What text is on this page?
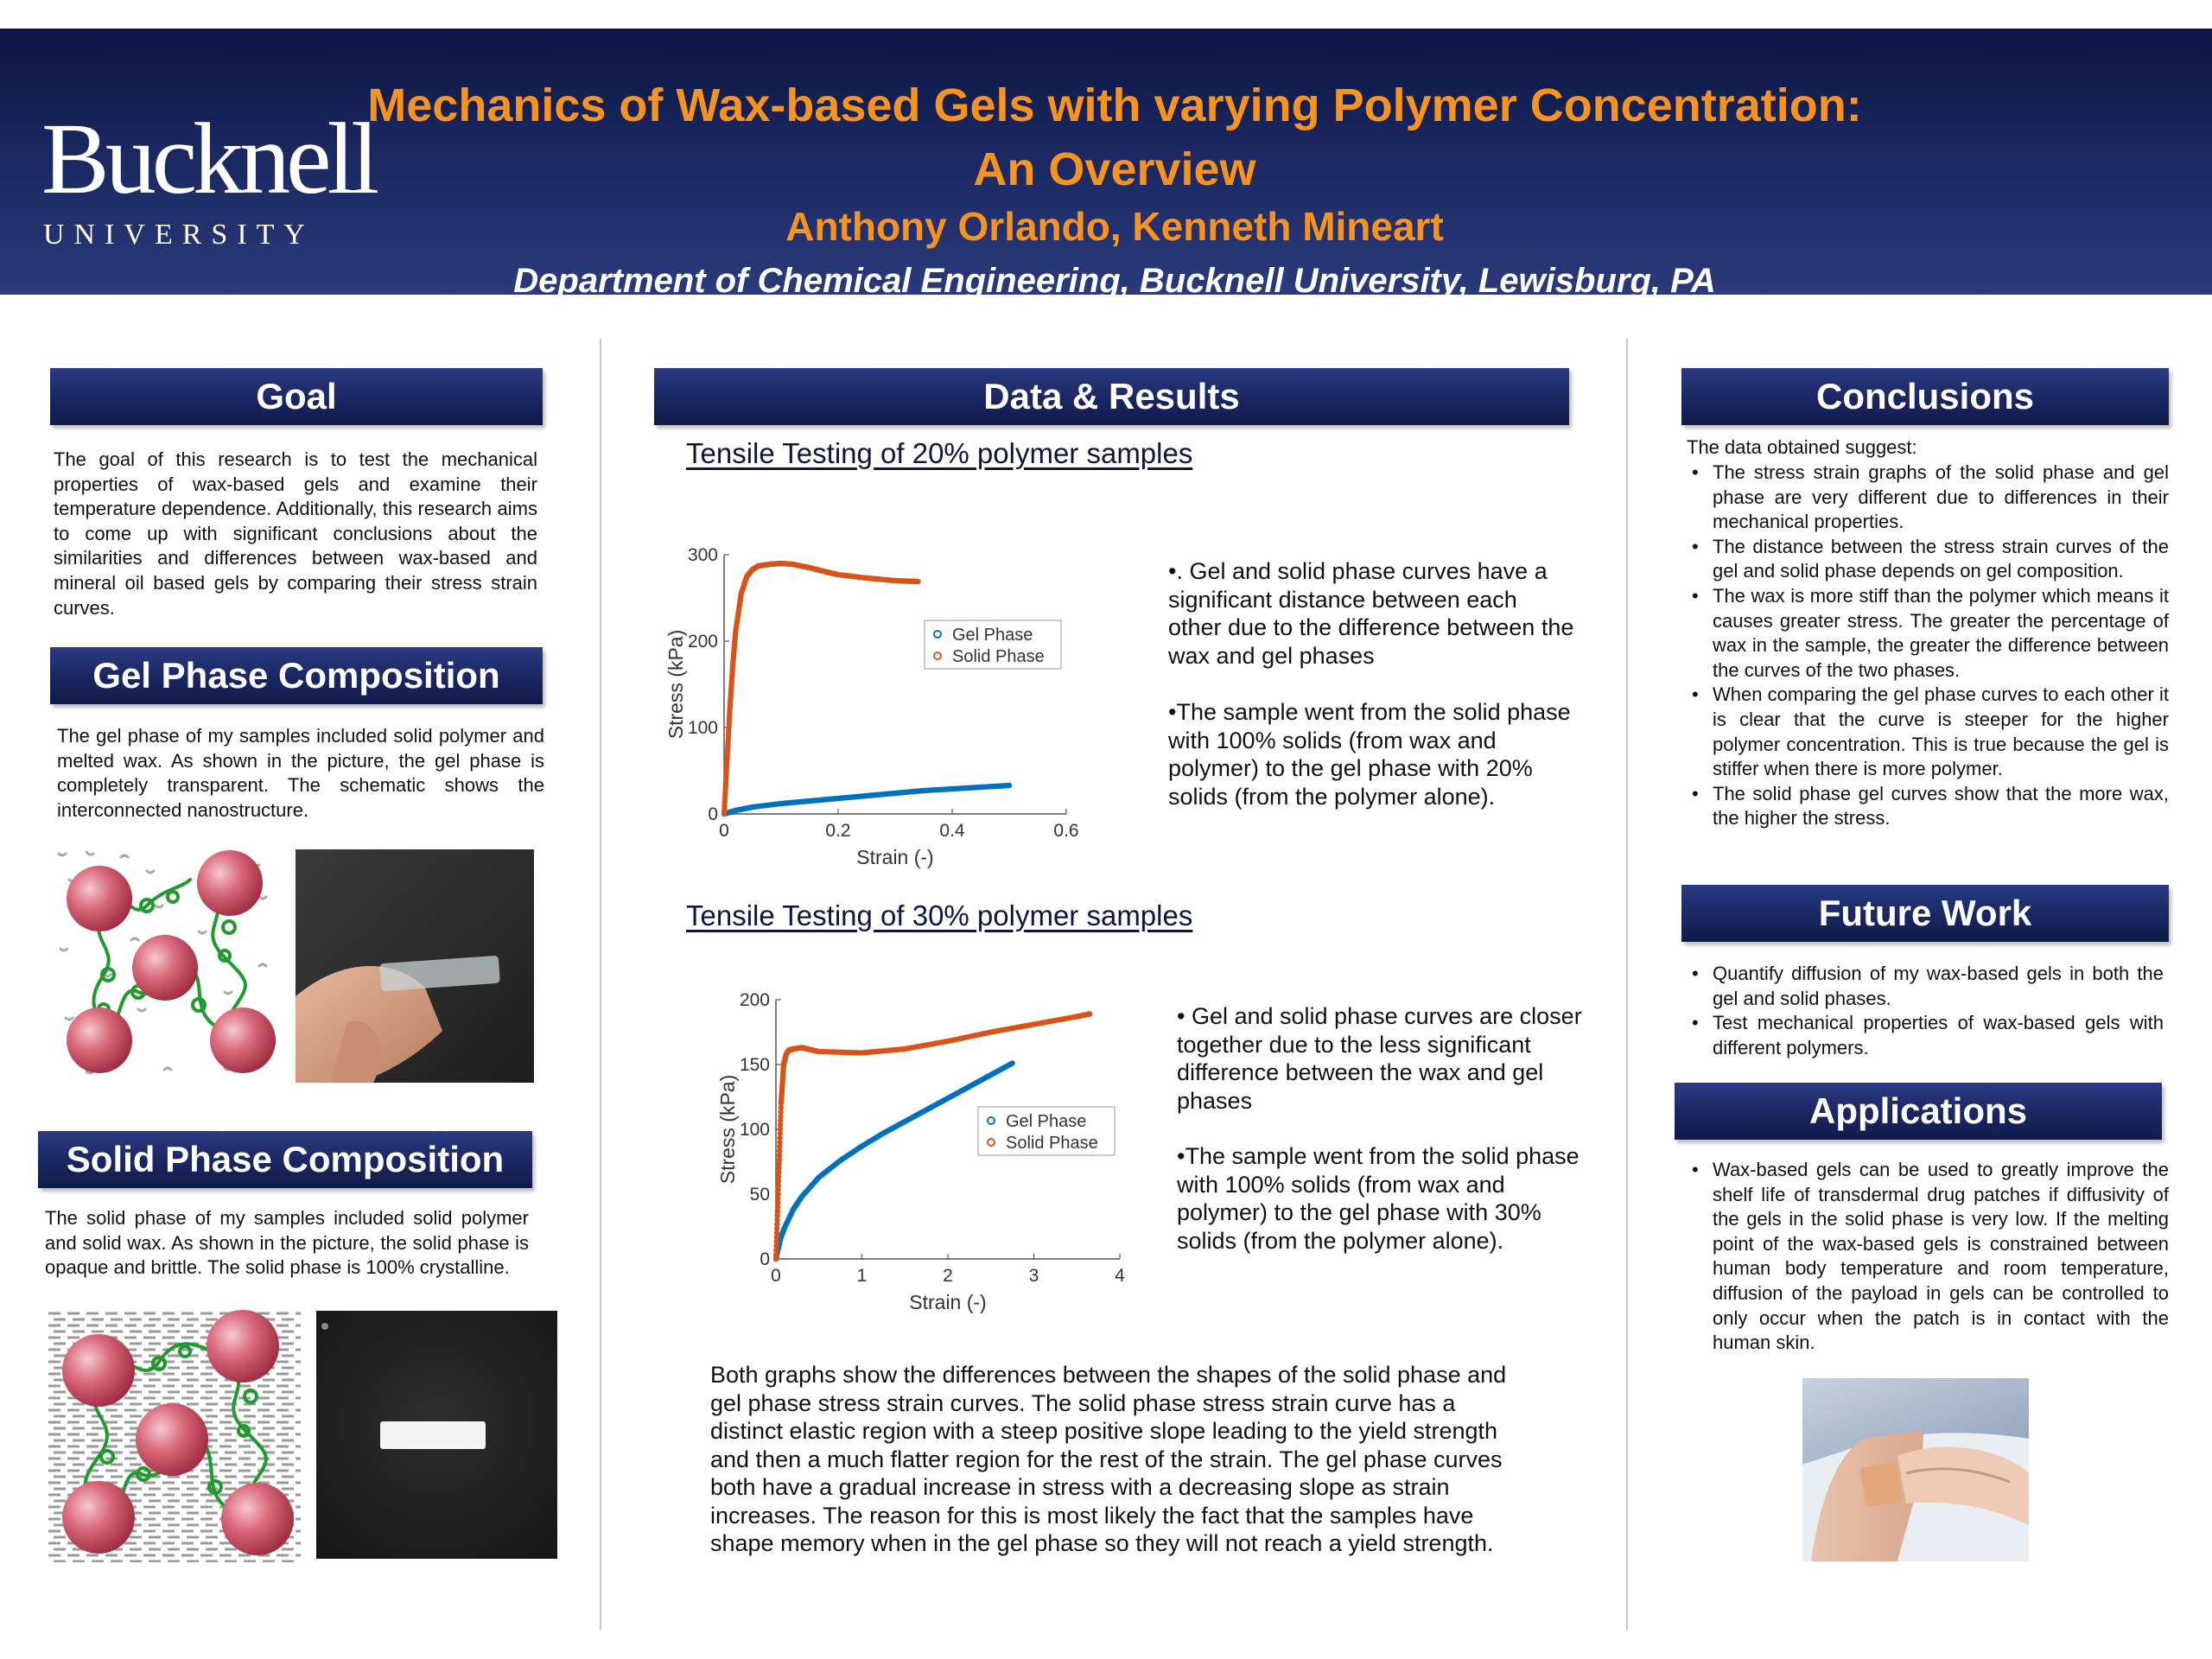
Bucknell
UNIVERSITY
Mechanics of Wax-based Gels with varying Polymer Concentration:
An Overview
Anthony Orlando, Kenneth Mineart
Department of Chemical Engineering, Bucknell University, Lewisburg, PA
Goal
The goal of this research is to test the mechanical properties of wax-based gels and examine their temperature dependence. Additionally, this research aims to come up with significant conclusions about the similarities and differences between wax-based and mineral oil based gels by comparing their stress strain curves.
Gel Phase Composition
The gel phase of my samples included solid polymer and melted wax. As shown in the picture, the gel phase is completely transparent. The schematic shows the interconnected nanostructure.
Solid Phase Composition
The solid phase of my samples included solid polymer and solid wax. As shown in the picture, the solid phase is opaque and brittle. The solid phase is 100% crystalline.
Data & Results
Tensile Testing of 20% polymer samples
0	0.2	0.4	0.6
0
100
200
300
Strain (-)
Stress (kPa)	Gel Phase
Solid Phase
•. Gel and solid phase curves have a significant distance between each other due to the difference between the wax and gel phases
•The sample went from the solid phase with 100% solids (from wax and polymer) to the gel phase with 20% solids (from the polymer alone).
Tensile Testing of 30% polymer samples
0	1	2	3	4
0
50
100
150
200
Strain (-)
Stress (kPa)	Gel Phase
Solid Phase
• Gel and solid phase curves are closer together due to the less significant difference between the wax and gel phases
•The sample went from the solid phase with 100% solids (from wax and polymer) to the gel phase with 30% solids (from the polymer alone).
Both graphs show the differences between the shapes of the solid phase and gel phase stress strain curves. The solid phase stress strain curve has a distinct elastic region with a steep positive slope leading to the yield strength and then a much flatter region for the rest of the strain. The gel phase curves both have a gradual increase in stress with a decreasing slope as strain increases. The reason for this is most likely the fact that the samples have shape memory when in the gel phase so they will not reach a yield strength.
Conclusions
The data obtained suggest:
• The stress strain graphs of the solid phase and gel phase are very different due to differences in their mechanical properties.
• The distance between the stress strain curves of the gel and solid phase depends on gel composition.
• The wax is more stiff than the polymer which means it causes greater stress. The greater the percentage of wax in the sample, the greater the difference between the curves of the two phases.
• When comparing the gel phase curves to each other it is clear that the curve is steeper for the higher polymer concentration. This is true because the gel is stiffer when there is more polymer.
• The solid phase gel curves show that the more wax, the higher the stress.
Future Work
• Quantify diffusion of my wax-based gels in both the gel and solid phases.
• Test mechanical properties of wax-based gels with different polymers.
Applications
• Wax-based gels can be used to greatly improve the shelf life of transdermal drug patches if diffusivity of the gels in the solid phase is very low. If the melting point of the wax-based gels is constrained between human body temperature and room temperature, diffusion of the payload in gels can be controlled to only occur when the patch is in contact with the human skin.
